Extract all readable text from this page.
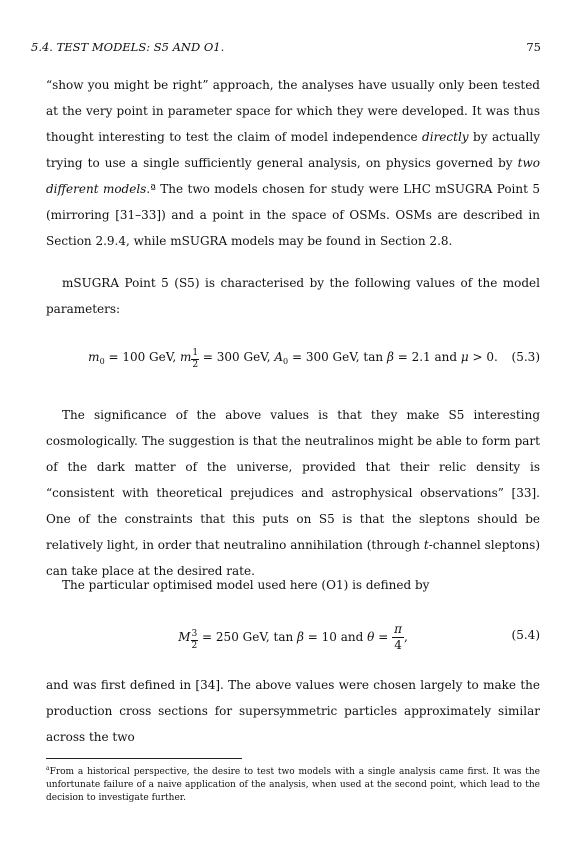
5.4. TEST MODELS: S5 AND O1.	75

“show you might be right” approach, the analyses have usually only been tested at the very point in parameter space for which they were developed. It was thus thought interesting to test the claim of model independence directly by actually trying to use a single sufficiently general analysis, on physics governed by two different models.ª The two models chosen for study were LHC mSUGRA Point 5 (mirroring [31–33]) and a point in the space of OSMs. OSMs are described in Section 2.9.4, while mSUGRA models may be found in Section 2.8.

mSUGRA Point 5 (S5) is characterised by the following values of the model parameters:

$m_0 = 100$ GeV, m $\frac{1}{2} = 300$ GeV, $A_0 = 300$ GeV, tan β = 2.1 and μ > 0.	(5.3)

The significance of the above values is that they make S5 interesting cosmologically. The suggestion is that the neutralinos might be able to form part of the dark matter of the universe, provided that their relic density is “consistent with theoretical prejudices and astrophysical observations” [33]. One of the constraints that this puts on S5 is that the sleptons should be relatively light, in order that neutralino annihilation (through t-channel sleptons) can take place at the desired rate.

The particular optimised model used here (O1) is defined by

M $\frac{3}{2} = 250$ GeV, tan β = 10 and $\theta = \frac{\pi}{4}$,	(5.4)

and was first defined in [34]. The above values were chosen largely to make the production cross sections for supersymmetric particles approximately similar across the two

$^a$From a historical perspective, the desire to test two models with a single analysis came first. It was the unfortunate failure of a naive application of the analysis, when used at the second point, which lead to the decision to investigate further.
